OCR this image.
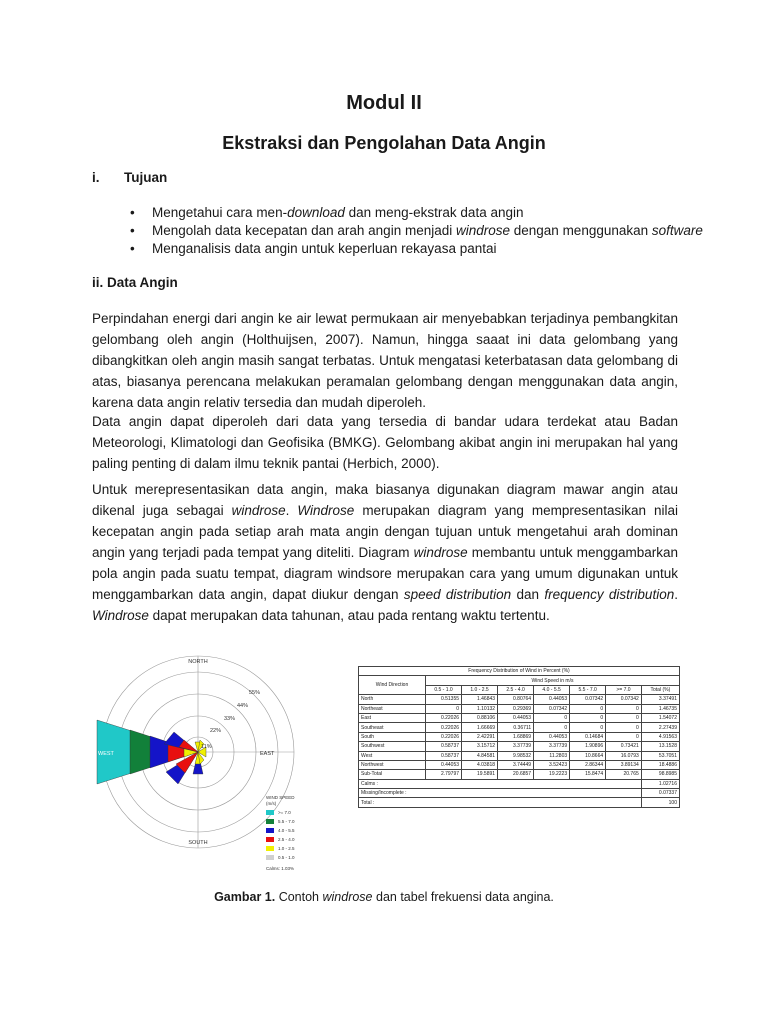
Modul II
Ekstraksi dan Pengolahan Data Angin
i. Tujuan
• Mengetahui cara men-download dan meng-ekstrak data angin
• Mengolah data kecepatan dan arah angin menjadi windrose dengan menggunakan software
• Menganalisis data angin untuk keperluan rekayasa pantai
ii. Data Angin

Perpindahan energi dari angin ke air lewat permukaan air menyebabkan terjadinya pembangkitan gelombang oleh angin (Holthuijsen, 2007). Namun, hingga saaat ini data gelombang yang dibangkitkan oleh angin masih sangat terbatas. Untuk mengatasi keterbatasan data gelombang di atas, biasanya perencana melakukan peramalan gelombang dengan menggunakan data angin, karena data angin relativ tersedia dan mudah diperoleh.

Data angin dapat diperoleh dari data yang tersedia di bandar udara terdekat atau Badan Meteorologi, Klimatologi dan Geofisika (BMKG). Gelombang akibat angin ini merupakan hal yang paling penting di dalam ilmu teknik pantai (Herbich, 2000).

Untuk merepresentasikan data angin, maka biasanya digunakan diagram mawar angin atau dikenal juga sebagai windrose. Windrose merupakan diagram yang mempresentasikan nilai kecepatan angin pada setiap arah mata angin dengan tujuan untuk mengetahui arah dominan angin yang terjadi pada tempat yang diteliti. Diagram windrose membantu untuk menggambarkan pola angin pada suatu tempat, diagram windsore merupakan cara yang umum digunakan untuk menggambarkan data angin, dapat diukur dengan speed distribution dan frequency distribution. Windrose dapat merupakan data tahunan, atau pada rentang waktu tertentu.

NORTH
EAST
SOUTH
WEST
11%
22%
33%
44%
55%
WIND SPEED
(m/s)
>= 7.0
5.5 - 7.0
4.0 - 5.5
2.5 - 4.0
1.0 - 2.5
0.5 - 1.0
Calms: 1.03%
Frequency Distribution of Wind in Percent (%)							
Wind Direction	Wind Speed in m/s						
	0.5 - 1.0	1.0 - 2.5	2.5 - 4.0	4.0 - 5.5	5.5 - 7.0	>= 7.0	Total (%)
North	0.51355	1.46843	0.80764	0.44053	0.07342	0.07342	3.37491
Northeast	0	1.10132	0.29369	0.07342	0	0	1.46735
East	0.22026	0.88106	0.44053	0	0	0	1.54072
Southeast	0.22026	1.66669	0.36711	0	0	0	2.27439
South	0.22026	2.42291	1.68869	0.44053	0.14684	0	4.91563
Southwest	0.58737	3.15712	3.37739	3.37739	1.90896	0.73421	13.1528
West	0.58737	4.84581	9.98532	11.2803	10.8664	16.0793	53.7051
Northwest	0.44053	4.03818	3.74449	3.52423	2.86344	3.89134	18.4886
Sub-Total	2.79797	19.5891	20.6857	19.2223	15.8474	20.765	98.8985
Calms :							1.02716
Missing/Incomplete :							0.07337
Total :							100
Gambar 1. Contoh windrose dan tabel frekuensi data angina.
